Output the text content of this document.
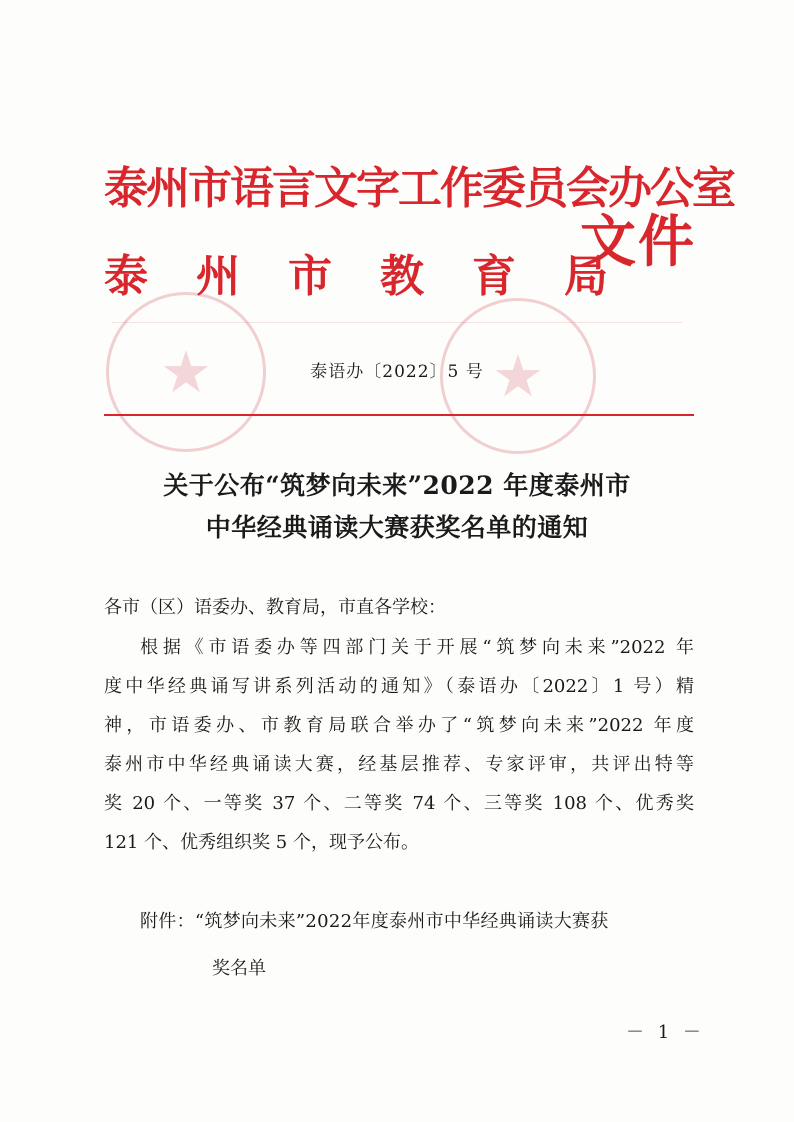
★	★
泰州市语言文字工作委员会办公室
泰州市教育局
文件
泰语办〔2022〕5 号
关于公布“筑梦向未来”2022 年度泰州市
中华经典诵读大赛获奖名单的通知
各市（区）语委办、教育局，市直各学校：
根据《市语委办等四部门关于开展“筑梦向未来”2022 年
度中华经典诵写讲系列活动的通知》（泰语办〔2022〕1 号）精
神，市语委办、市教育局联合举办了“筑梦向未来”2022 年度
泰州市中华经典诵读大赛，经基层推荐、专家评审，共评出特等
奖 20 个、一等奖 37 个、二等奖 74 个、三等奖 108 个、优秀奖
121 个、优秀组织奖 5 个，现予公布。
附件：“筑梦向未来”2022年度泰州市中华经典诵读大赛获
奖名单
－ 1 －
